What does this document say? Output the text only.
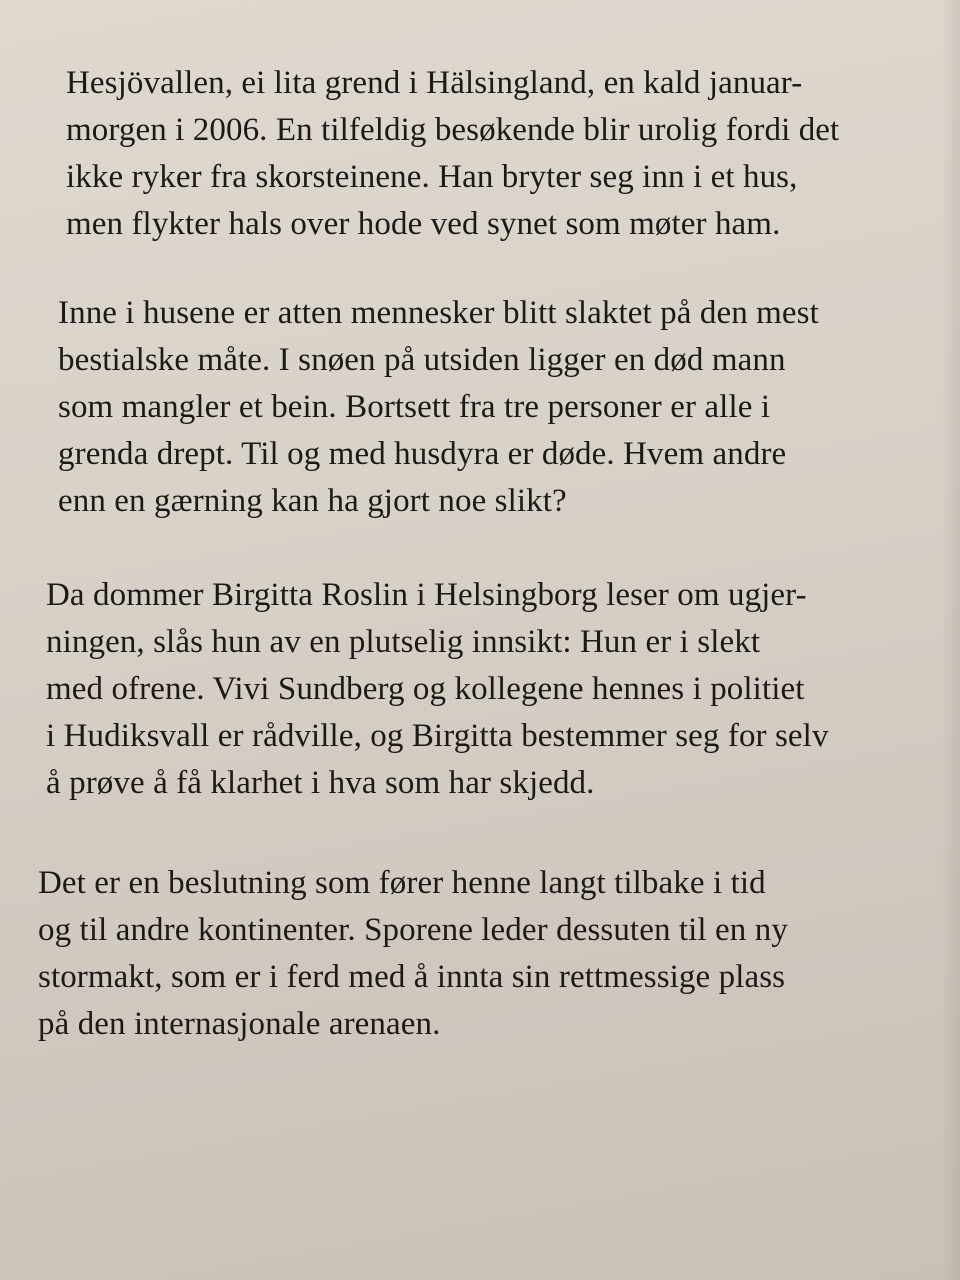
Hesjövallen, ei lita grend i Hälsingland, en kald januar-
morgen i 2006. En tilfeldig besøkende blir urolig fordi det
ikke ryker fra skorsteinene. Han bryter seg inn i et hus,
men flykter hals over hode ved synet som møter ham.

Inne i husene er atten mennesker blitt slaktet på den mest
bestialske måte. I snøen på utsiden ligger en død mann
som mangler et bein. Bortsett fra tre personer er alle i
grenda drept. Til og med husdyra er døde. Hvem andre
enn en gærning kan ha gjort noe slikt?

Da dommer Birgitta Roslin i Helsingborg leser om ugjer-
ningen, slås hun av en plutselig innsikt: Hun er i slekt
med ofrene. Vivi Sundberg og kollegene hennes i politiet
i Hudiksvall er rådville, og Birgitta bestemmer seg for selv
å prøve å få klarhet i hva som har skjedd.

Det er en beslutning som fører henne langt tilbake i tid
og til andre kontinenter. Sporene leder dessuten til en ny
stormakt, som er i ferd med å innta sin rettmessige plass
på den internasjonale arenaen.
